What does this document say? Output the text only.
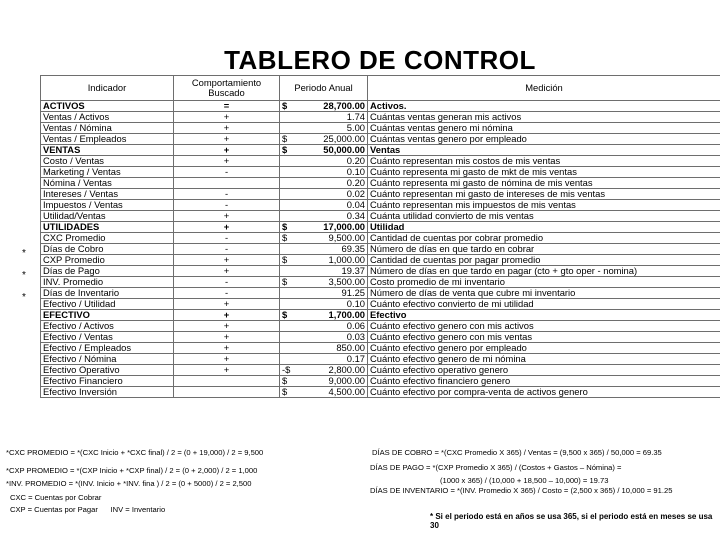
TABLERO DE CONTROL
Indicador	Comportamiento Buscado	Periodo Anual		Medición
ACTIVOS	=	$	28,700.00	Activos.
Ventas / Activos	+		1.74	Cuántas ventas generan mis activos
Ventas / Nómina	+		5.00	Cuántas ventas genero mi nómina
Ventas / Empleados	+	$	25,000.00	Cuántas ventas genero por empleado
VENTAS	+	$	50,000.00	Ventas
Costo / Ventas	+		0.20	Cuánto representan mis costos de mis ventas
Marketing / Ventas	-		0.10	Cuánto representa mi gasto de mkt de mis ventas
Nómina / Ventas			0.20	Cuánto representa mi gasto de nómina de mis ventas
Intereses / Ventas	-		0.02	Cuánto representan mi gasto de intereses de mis ventas
Impuestos / Ventas	-		0.04	Cuánto representan mis impuestos de mis ventas
Utilidad/Ventas	+		0.34	Cuánta utilidad convierto de mis ventas
UTILIDADES	+	$	17,000.00	Utilidad
CXC Promedio	-	$	9,500.00	Cantidad de cuentas por cobrar promedio
Días de Cobro	-		69.35	Número de días en que tardo en cobrar
CXP Promedio	+	$	1,000.00	Cantidad de cuentas por pagar promedio
Días de Pago	+		19.37	Número de días en que tardo en pagar (cto + gto oper - nomina)
INV. Promedio	-	$	3,500.00	Costo promedio de mi inventario
Días de Inventario	-		91.25	Número de días de venta que cubre mi inventario
Efectivo / Utilidad	+		0.10	Cuánto efectivo convierto de mi utilidad
EFECTIVO	+	$	1,700.00	Efectivo
Efectivo / Activos	+		0.06	Cuánto efectivo genero con mis activos
Efectivo / Ventas	+		0.03	Cuánto efectivo genero con mis ventas
Efectivo / Empleados	+		850.00	Cuánto efectivo genero por empleado
Efectivo / Nómina	+		0.17	Cuánto efectivo genero de mi nómina
Efectivo Operativo	+	-$	2,800.00	Cuánto efectivo operativo genero
Efectivo Financiero		$	9,000.00	Cuánto efectivo financiero genero
Efectivo Inversión		$	4,500.00	Cuánto efectivo por compra-venta de activos genero
*
*
*
*CXC PROMEDIO = *(CXC Inicio + *CXC final) / 2 = (0 + 19,000) / 2 = 9,500
*CXP PROMEDIO = *(CXP Inicio + *CXP final) / 2 = (0 + 2,000) / 2 = 1,000
*INV. PROMEDIO = *(INV. Inicio + *INV. fina ) / 2 = (0 + 5000) / 2 = 2,500
CXC = Cuentas por Cobrar
CXP = Cuentas por Pagar      INV = Inventario
DÍAS DE COBRO = *(CXC Promedio X 365) / Ventas = (9,500 x 365) / 50,000 = 69.35
DÍAS DE PAGO = *(CXP Promedio X 365) / (Costos + Gastos – Nómina) =
(1000 x 365) / (10,000 + 18,500 – 10,000) = 19.73
DÍAS DE INVENTARIO = *(INV. Promedio X 365) / Costo = (2,500 x 365) / 10,000 = 91.25
* Si el periodo está en años se usa 365, si el periodo está en meses se usa 30
